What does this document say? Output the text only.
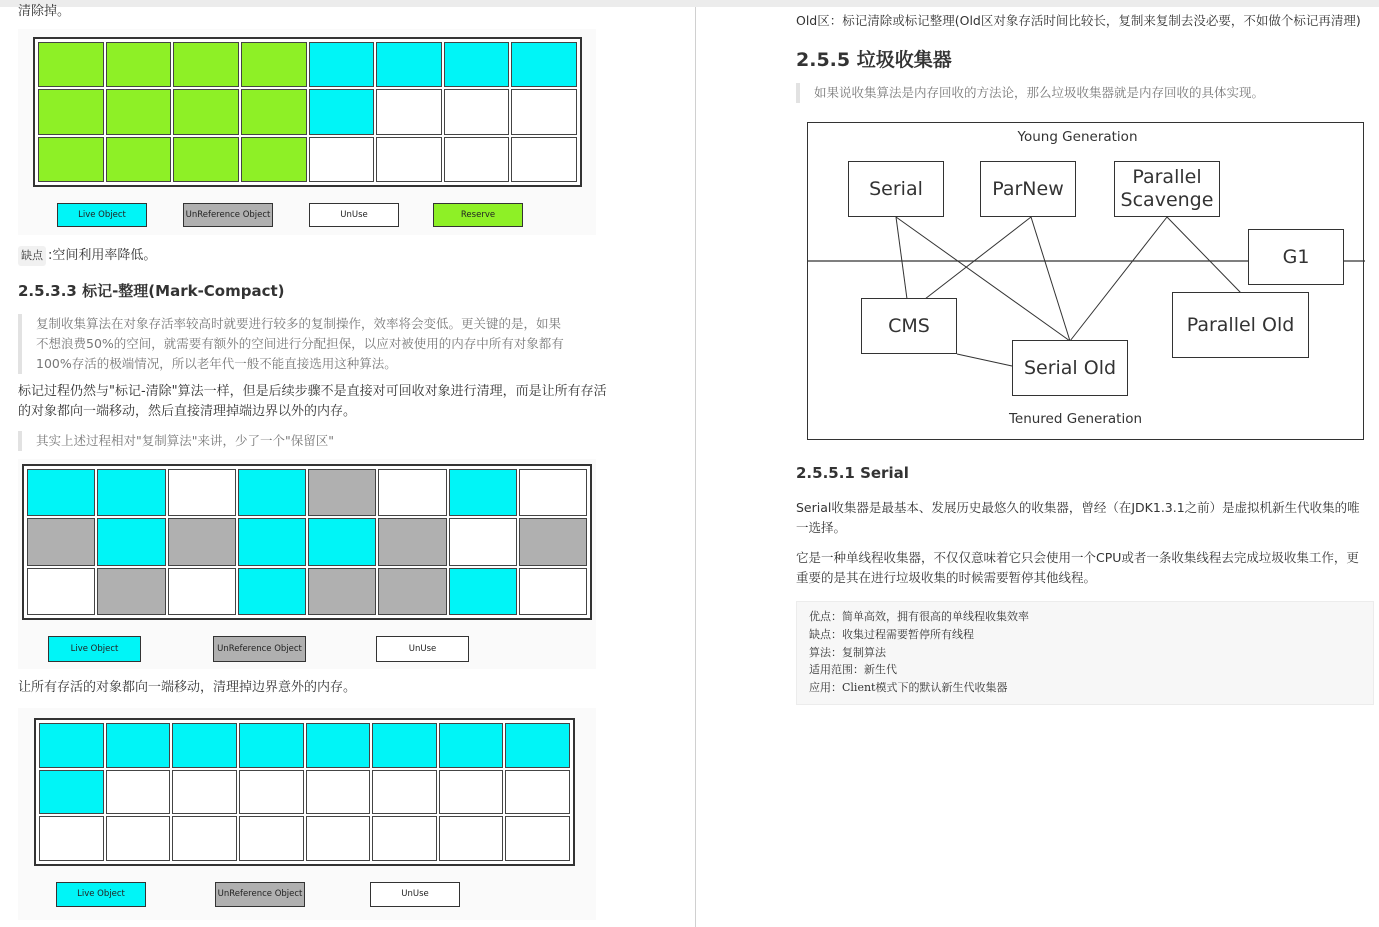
清除掉。
Live Object	UnReference Object	UnUse	Reserve
缺点 :空间利用率降低。
2.5.3.3 标记-整理(Mark-Compact)
复制收集算法在对象存活率较高时就要进行较多的复制操作，效率将会变低。更关键的是，如果
不想浪费50%的空间，就需要有额外的空间进行分配担保，以应对被使用的内存中所有对象都有
100%存活的极端情况，所以老年代一般不能直接选用这种算法。
标记过程仍然与"标记-清除"算法一样，但是后续步骤不是直接对可回收对象进行清理，而是让所有存活
的对象都向一端移动，然后直接清理掉端边界以外的内存。
其实上述过程相对"复制算法"来讲，少了一个"保留区"
Live Object	UnReference Object	UnUse
让所有存活的对象都向一端移动，清理掉边界意外的内存。
Live Object	UnReference Object	UnUse
Old区：标记清除或标记整理(Old区对象存活时间比较长，复制来复制去没必要，不如做个标记再清理)
2.5.5 垃圾收集器
如果说收集算法是内存回收的方法论，那么垃圾收集器就是内存回收的具体实现。
Young Generation
Tenured Generation
Serial	ParNew
Parallel
Scavenge
G1
CMS
Serial Old
Parallel Old
2.5.5.1 Serial
Serial收集器是最基本、发展历史最悠久的收集器，曾经（在JDK1.3.1之前）是虚拟机新生代收集的唯
一选择。
它是一种单线程收集器，不仅仅意味着它只会使用一个CPU或者一条收集线程去完成垃圾收集工作，更
重要的是其在进行垃圾收集的时候需要暂停其他线程。
优点：简单高效，拥有很高的单线程收集效率
缺点：收集过程需要暂停所有线程
算法：复制算法
适用范围：新生代
应用：Client模式下的默认新生代收集器
